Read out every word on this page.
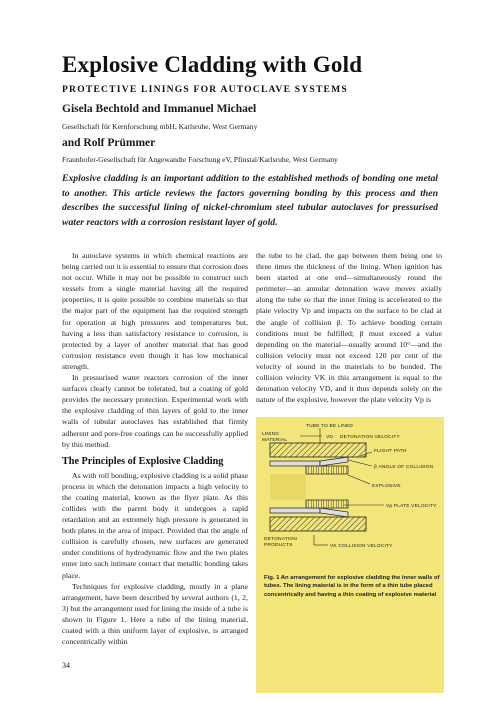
Explosive Cladding with Gold
PROTECTIVE LININGS FOR AUTOCLAVE SYSTEMS
Gisela Bechtold and Immanuel Michael
Gesellschaft für Kernforschung mbH, Karlsruhe, West Germany
and Rolf Prümmer
Fraunhofer-Gesellschaft für Angewandte Forschung eV, Pfinstal/Karlsruhe, West Germany
Explosive cladding is an important addition to the established methods of bonding one metal to another. This article reviews the factors governing bonding by this process and then describes the successful lining of nickel-chromium steel tubular autoclaves for pressurised water reactors with a corrosion resistant layer of gold.

In autoclave systems in which chemical reactions are being carried out it is essential to ensure that corrosion does not occur. While it may not be possible to construct such vessels from a single material having all the required properties, it is quite possible to combine materials so that the major part of the equipment has the required strength for operation at high pressures and temperatures but, having a less than satisfactory resistance to corrosion, is protected by a layer of another material that has good corrosion resistance even though it has low mechanical strength.

In pressurised water reactors corrosion of the inner surfaces clearly cannot be tolerated, but a coating of gold provides the necessary protection. Experimental work with the explosive cladding of thin layers of gold to the inner walls of tubular autoclaves has established that firmly adherent and pore-free coatings can be successfully applied by this method.

The Principles of Explosive Cladding

As with roll bonding, explosive cladding is a solid phase process in which the detonation impacts a high velocity to the coating material, known as the flyer plate. As this collides with the parent body it undergoes a rapid retardation and an extremely high pressure is generated in both plates in the area of impact. Provided that the angle of collision is carefully chosen, new surfaces are generated under conditions of hydrodynamic flow and the two plates enter into such intimate contact that metallic bonding takes place.

Techniques for explosive cladding, mostly in a plane arrangement, have been described by several authors (1, 2, 3) but the arrangement used for lining the inside of a tube is shown in Figure 1. Here a tube of the lining material, coated with a thin uniform layer of explosive, is arranged concentrically within

the tube to be clad, the gap between them being one to three times the thickness of the lining. When ignition has been started at one end—simultaneously round the perimeter—an annular detonation wave moves axially along the tube so that the inner lining is accelerated to the plate velocity Vp and impacts on the surface to be clad at the angle of collision β. To achieve bonding certain conditions must be fulfilled; β must exceed a value depending on the material—usually around 10°—and the collision velocity must not exceed 120 per cent of the velocity of sound in the materials to be bonded. The collision velocity VK in this arrangement is equal to the detonation velocity VD, and it thus depends solely on the nature of the explosive, however the plate velocity Vp is

TUBE TO BE LINED
LINING
MATERIAL
VD DETONATION VELOCITY
FLIGHT PATH
β ANGLE OF COLLISION
EXPLOSIVE
Vp PLATE VELOCITY
DETONATION
PRODUCTS	VK COLLISION VELOCITY
Fig. 1 An arrangement for explosive cladding the inner walls of tubes. The lining material is in the form of a thin tube placed concentrically and having a thin coating of explosive material
34
